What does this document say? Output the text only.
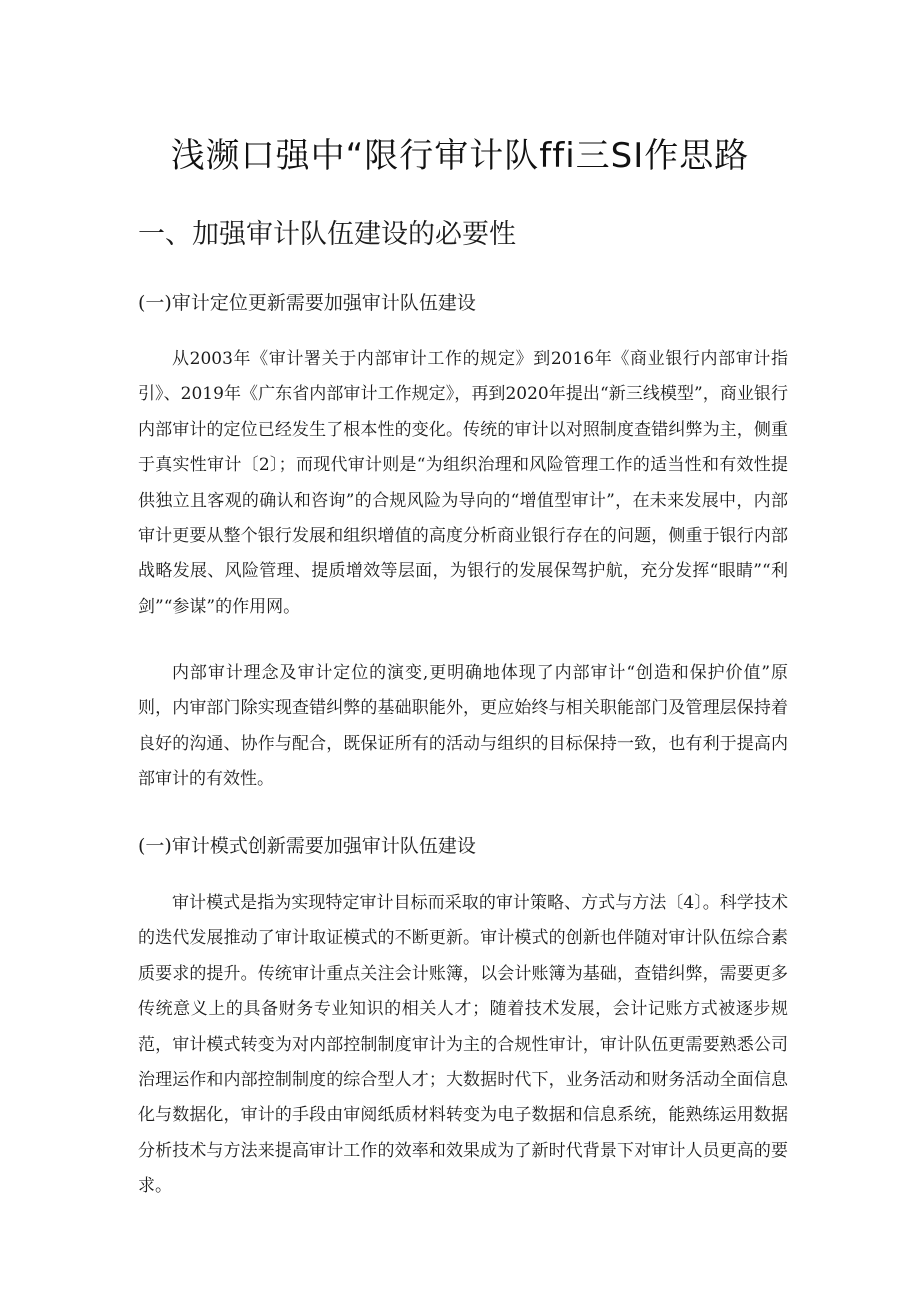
浅濒口强中“限行审计队ffi三SI作思路
一、加强审计队伍建设的必要性
(一)审计定位更新需要加强审计队伍建设
从2003年《审计署关于内部审计工作的规定》到2016年《商业银行内部审计指引》、2019年《广东省内部审计工作规定》，再到2020年提出“新三线模型”，商业银行内部审计的定位已经发生了根本性的变化。传统的审计以对照制度查错纠弊为主，侧重于真实性审计〔2〕；而现代审计则是“为组织治理和风险管理工作的适当性和有效性提供独立且客观的确认和咨询”的合规风险为导向的“增值型审计”，在未来发展中，内部审计更要从整个银行发展和组织增值的高度分析商业银行存在的问题，侧重于银行内部战略发展、风险管理、提质增效等层面，为银行的发展保驾护航，充分发挥“眼睛”“利剑”“参谋”的作用网。
内部审计理念及审计定位的演变,更明确地体现了内部审计“创造和保护价值”原则，内审部门除实现查错纠弊的基础职能外，更应始终与相关职能部门及管理层保持着良好的沟通、协作与配合，既保证所有的活动与组织的目标保持一致，也有利于提高内部审计的有效性。
(一)审计模式创新需要加强审计队伍建设
审计模式是指为实现特定审计目标而采取的审计策略、方式与方法〔4〕。科学技术的迭代发展推动了审计取证模式的不断更新。审计模式的创新也伴随对审计队伍综合素质要求的提升。传统审计重点关注会计账簿，以会计账簿为基础，查错纠弊，需要更多传统意义上的具备财务专业知识的相关人才；随着技术发展，会计记账方式被逐步规范，审计模式转变为对内部控制制度审计为主的合规性审计，审计队伍更需要熟悉公司治理运作和内部控制制度的综合型人才；大数据时代下，业务活动和财务活动全面信息化与数据化，审计的手段由审阅纸质材料转变为电子数据和信息系统，能熟练运用数据分析技术与方法来提高审计工作的效率和效果成为了新时代背景下对审计人员更高的要求。
